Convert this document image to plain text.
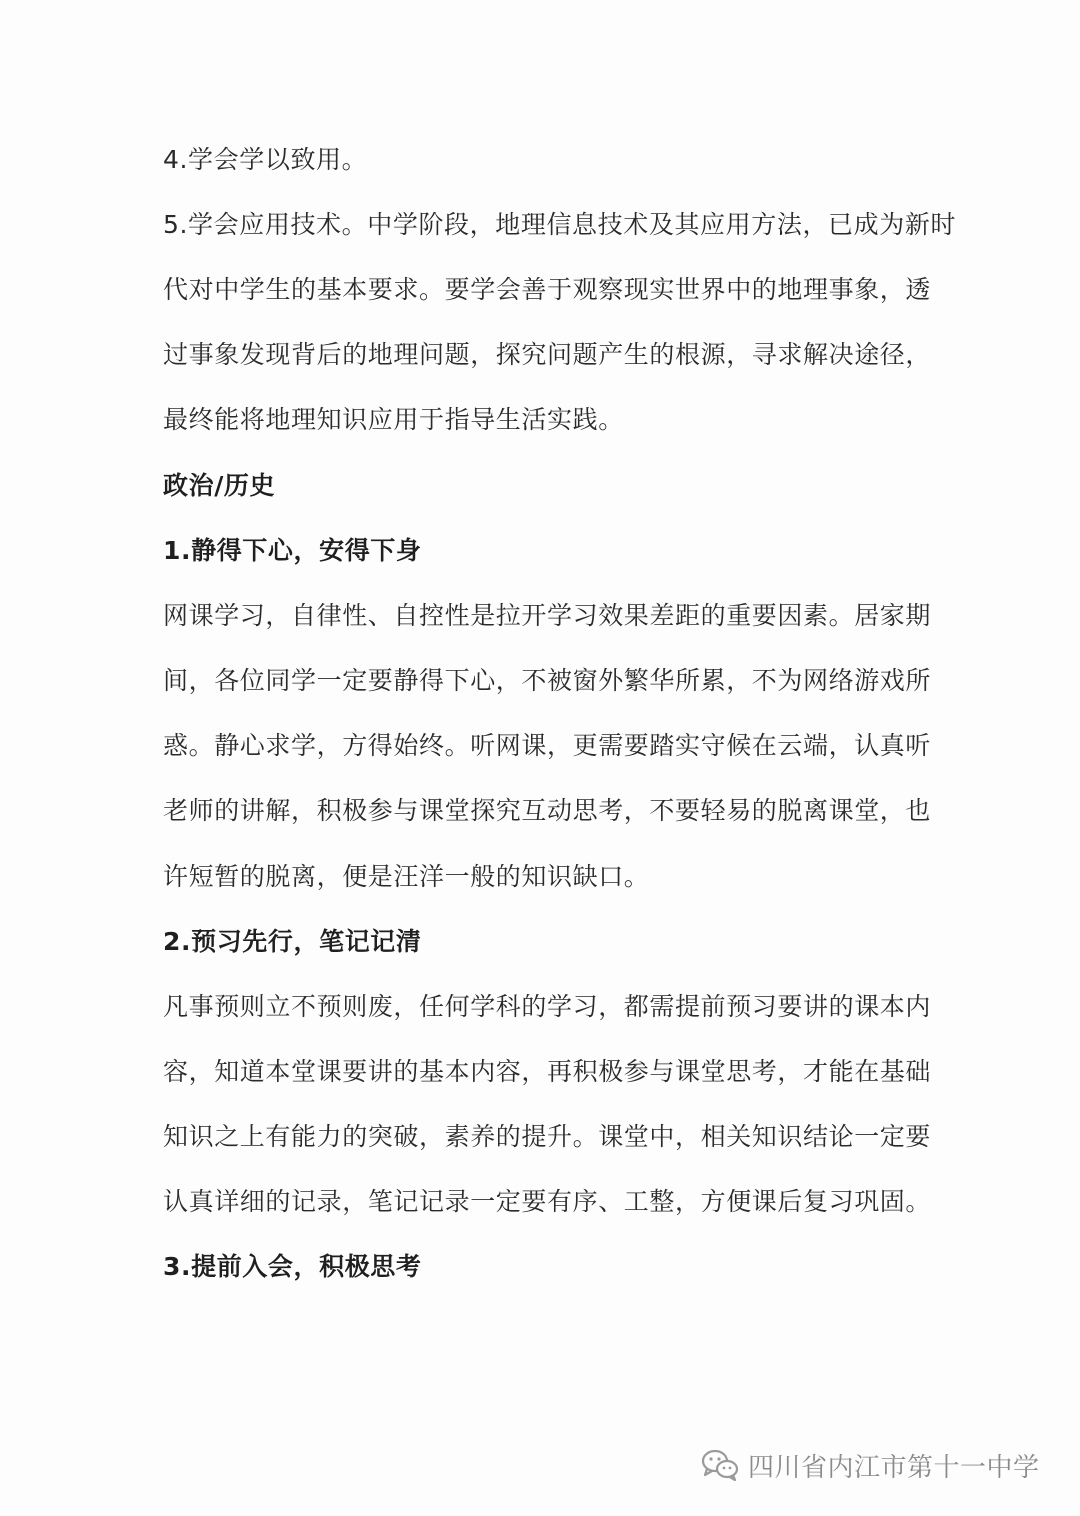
4.学会学以致用。
5.学会应用技术。中学阶段，地理信息技术及其应用方法，已成为新时
代对中学生的基本要求。要学会善于观察现实世界中的地理事象，透
过事象发现背后的地理问题，探究问题产生的根源，寻求解决途径，
最终能将地理知识应用于指导生活实践。
政治/历史
1.静得下心，安得下身
网课学习，自律性、自控性是拉开学习效果差距的重要因素。居家期
间，各位同学一定要静得下心，不被窗外繁华所累，不为网络游戏所
惑。静心求学，方得始终。听网课，更需要踏实守候在云端，认真听
老师的讲解，积极参与课堂探究互动思考，不要轻易的脱离课堂，也
许短暂的脱离，便是汪洋一般的知识缺口。
2.预习先行，笔记记清
凡事预则立不预则废，任何学科的学习，都需提前预习要讲的课本内
容，知道本堂课要讲的基本内容，再积极参与课堂思考，才能在基础
知识之上有能力的突破，素养的提升。课堂中，相关知识结论一定要
认真详细的记录，笔记记录一定要有序、工整，方便课后复习巩固。
3.提前入会，积极思考
四川省内江市第十一中学
